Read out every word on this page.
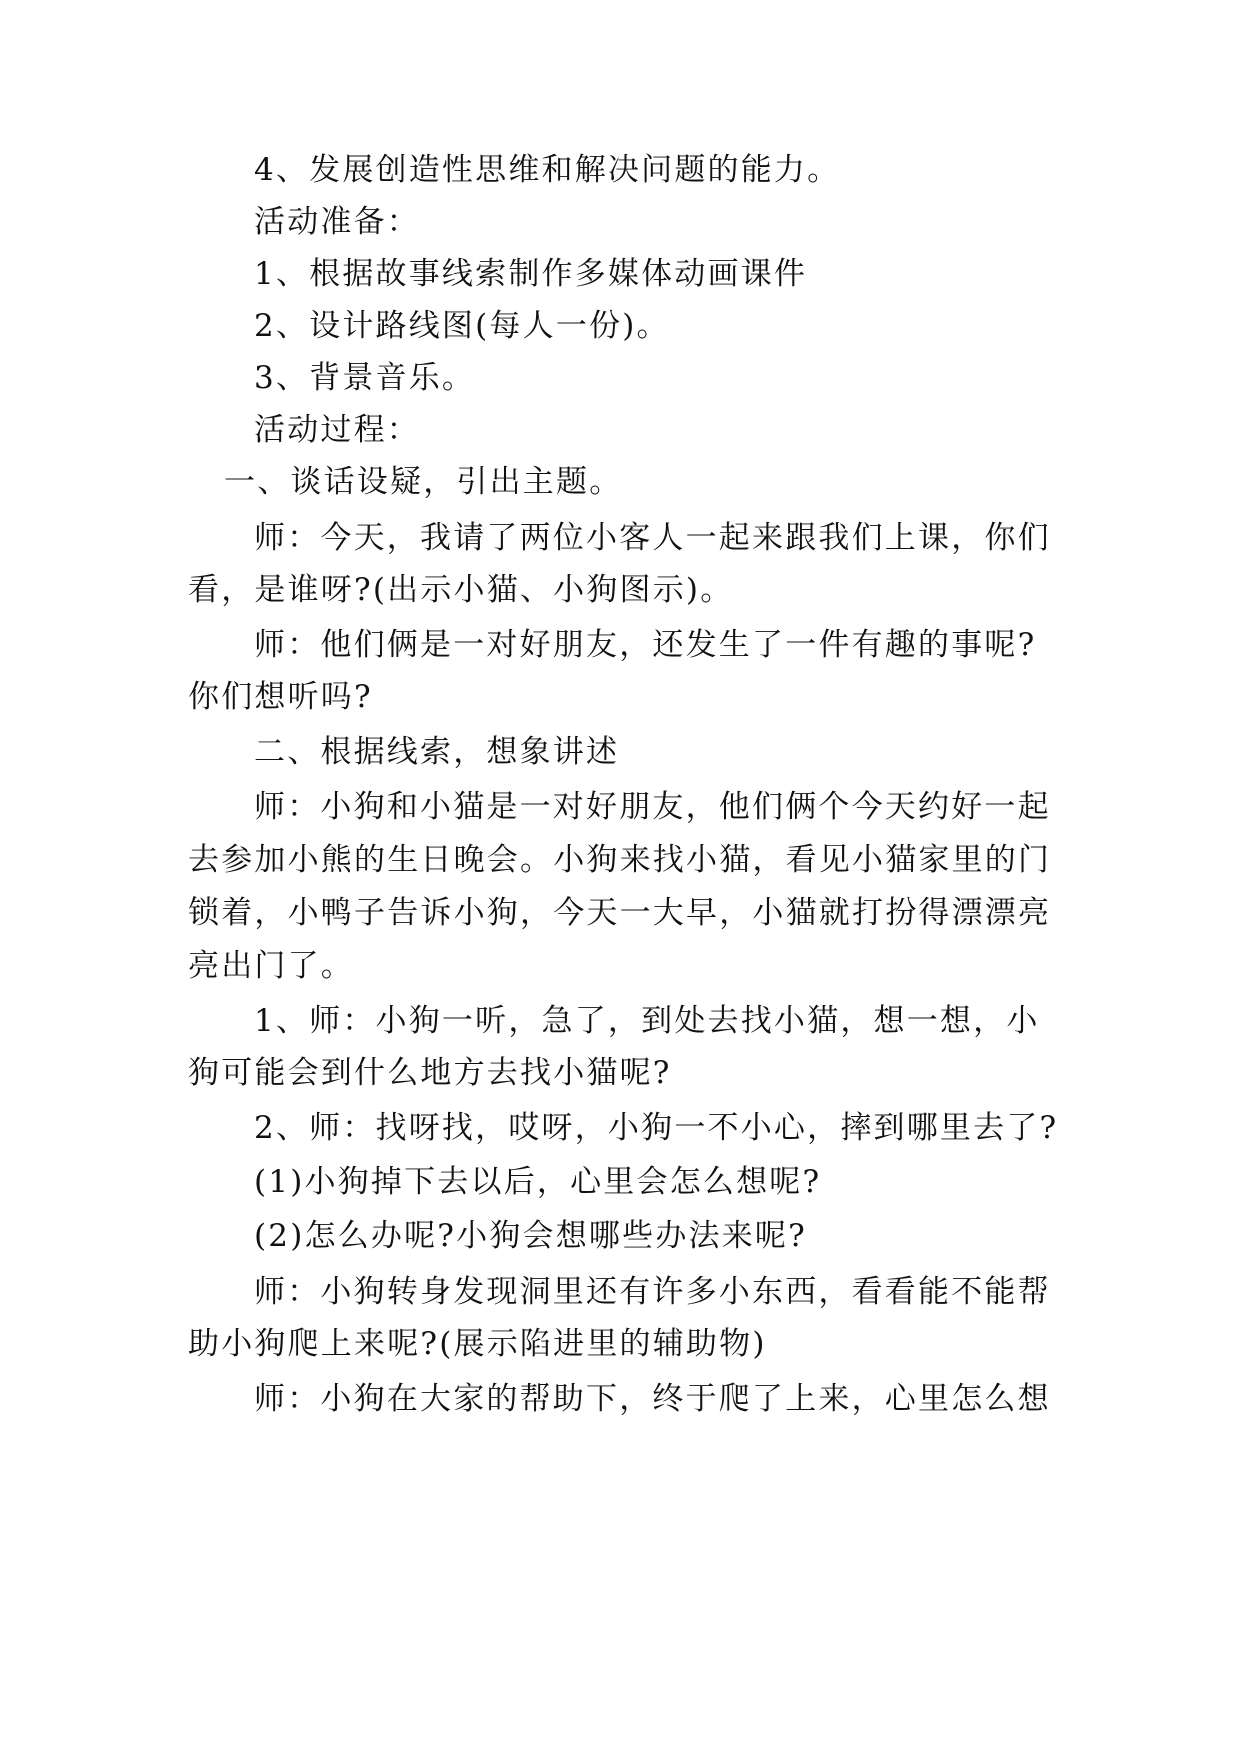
4、发展创造性思维和解决问题的能力。
活动准备：
1、根据故事线索制作多媒体动画课件
2、设计路线图(每人一份)。
3、背景音乐。
活动过程：
一、谈话设疑，引出主题。
师：今天，我请了两位小客人一起来跟我们上课，你们
看，是谁呀?(出示小猫、小狗图示)。
师：他们俩是一对好朋友，还发生了一件有趣的事呢?
你们想听吗?
二、根据线索，想象讲述
师：小狗和小猫是一对好朋友，他们俩个今天约好一起
去参加小熊的生日晚会。小狗来找小猫，看见小猫家里的门
锁着，小鸭子告诉小狗，今天一大早，小猫就打扮得漂漂亮
亮出门了。
1、师：小狗一听，急了，到处去找小猫，想一想，小
狗可能会到什么地方去找小猫呢?
2、师：找呀找，哎呀，小狗一不小心，摔到哪里去了?
(1)小狗掉下去以后，心里会怎么想呢?
(2)怎么办呢?小狗会想哪些办法来呢?
师：小狗转身发现洞里还有许多小东西，看看能不能帮
助小狗爬上来呢?(展示陷进里的辅助物)
师：小狗在大家的帮助下，终于爬了上来，心里怎么想
